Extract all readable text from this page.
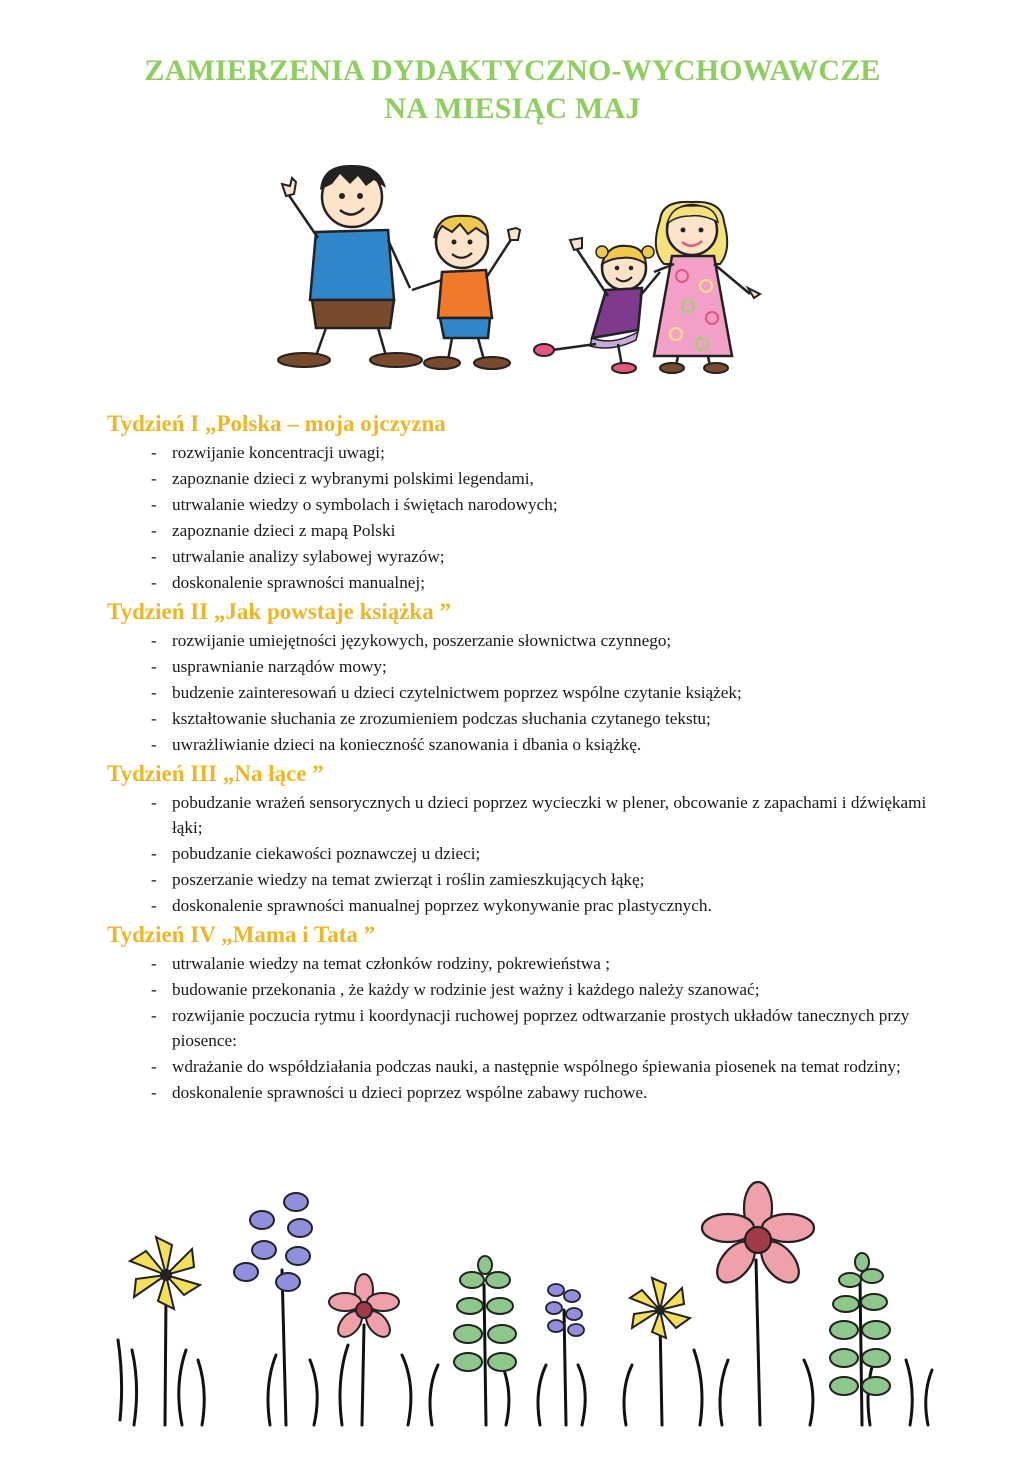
ZAMIERZENIA DYDAKTYCZNO-WYCHOWAWCZE
NA MIESIĄC MAJ
Tydzień I „Polska – moja ojczyzna
- rozwijanie koncentracji uwagi;
- zapoznanie dzieci z wybranymi polskimi legendami,
- utrwalanie wiedzy o symbolach i świętach narodowych;
- zapoznanie dzieci z mapą Polski
- utrwalanie analizy sylabowej wyrazów;
- doskonalenie sprawności manualnej;
Tydzień II „Jak powstaje książka ”
- rozwijanie umiejętności językowych, poszerzanie słownictwa czynnego;
- usprawnianie narządów mowy;
- budzenie zainteresowań u dzieci czytelnictwem poprzez wspólne czytanie książek;
- kształtowanie słuchania ze zrozumieniem podczas słuchania czytanego tekstu;
- uwrażliwianie dzieci na konieczność szanowania i dbania o książkę.
Tydzień III „Na łące ”
- pobudzanie wrażeń sensorycznych u dzieci poprzez wycieczki w plener, obcowanie z zapachami i dźwiękami łąki;
- pobudzanie ciekawości poznawczej u dzieci;
- poszerzanie wiedzy na temat zwierząt i roślin zamieszkujących łąkę;
- doskonalenie sprawności manualnej poprzez wykonywanie prac plastycznych.
Tydzień IV „Mama i Tata ”
- utrwalanie wiedzy na temat członków rodziny, pokrewieństwa ;
- budowanie przekonania , że każdy w rodzinie jest ważny i każdego należy szanować;
- rozwijanie poczucia rytmu i koordynacji ruchowej poprzez odtwarzanie prostych układów tanecznych przy piosence:
- wdrażanie do współdziałania podczas nauki, a następnie wspólnego śpiewania piosenek na temat rodziny;
- doskonalenie sprawności u dzieci poprzez wspólne zabawy ruchowe.
